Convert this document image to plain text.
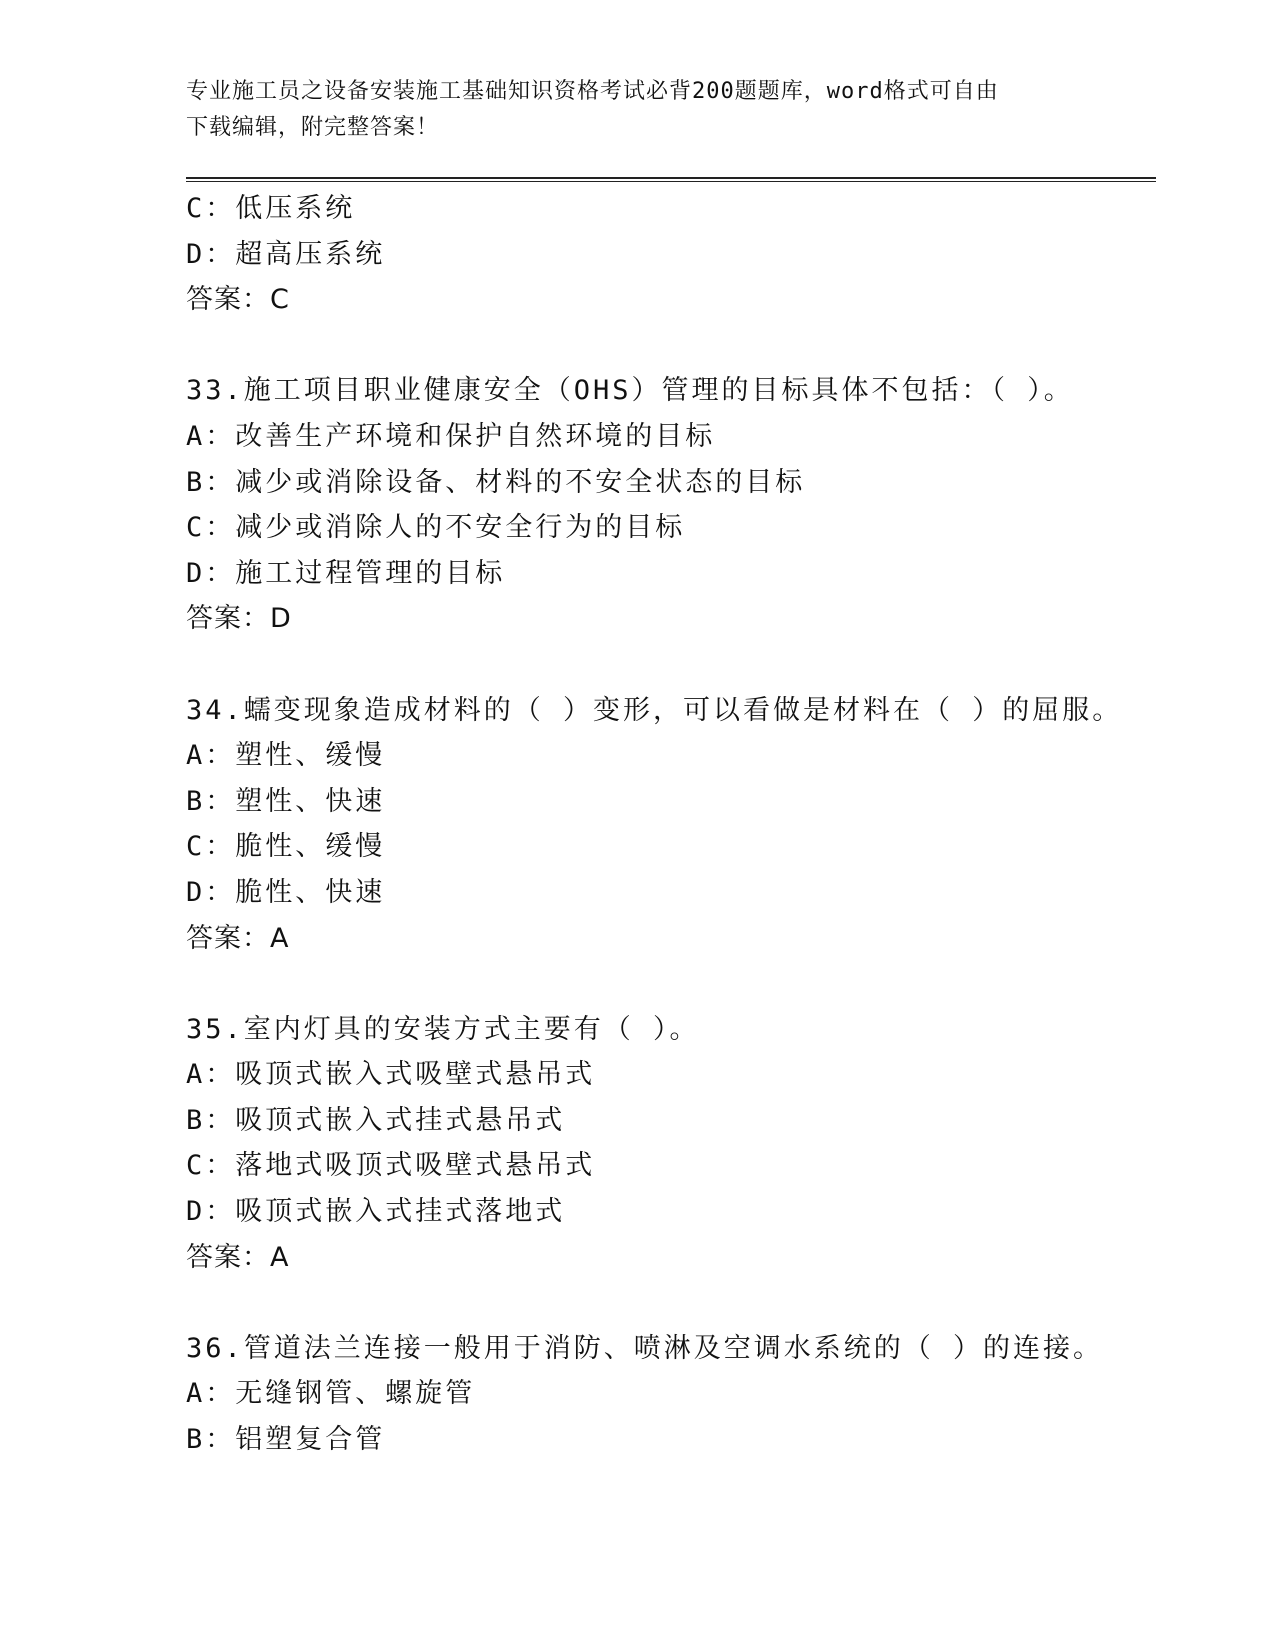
专业施工员之设备安装施工基础知识资格考试必背200题题库，word格式可自由
下载编辑，附完整答案！
C：低压系统
D：超高压系统
答案：C
33.施工项目职业健康安全（OHS）管理的目标具体不包括：（ ）。
A：改善生产环境和保护自然环境的目标
B：减少或消除设备、材料的不安全状态的目标
C：减少或消除人的不安全行为的目标
D：施工过程管理的目标
答案：D
34.蠕变现象造成材料的（ ）变形，可以看做是材料在（ ）的屈服。
A：塑性、缓慢
B：塑性、快速
C：脆性、缓慢
D：脆性、快速
答案：A
35.室内灯具的安装方式主要有（ ）。
A：吸顶式嵌入式吸壁式悬吊式
B：吸顶式嵌入式挂式悬吊式
C：落地式吸顶式吸壁式悬吊式
D：吸顶式嵌入式挂式落地式
答案：A
36.管道法兰连接一般用于消防、喷淋及空调水系统的（ ）的连接。
A：无缝钢管、螺旋管
B：铝塑复合管
